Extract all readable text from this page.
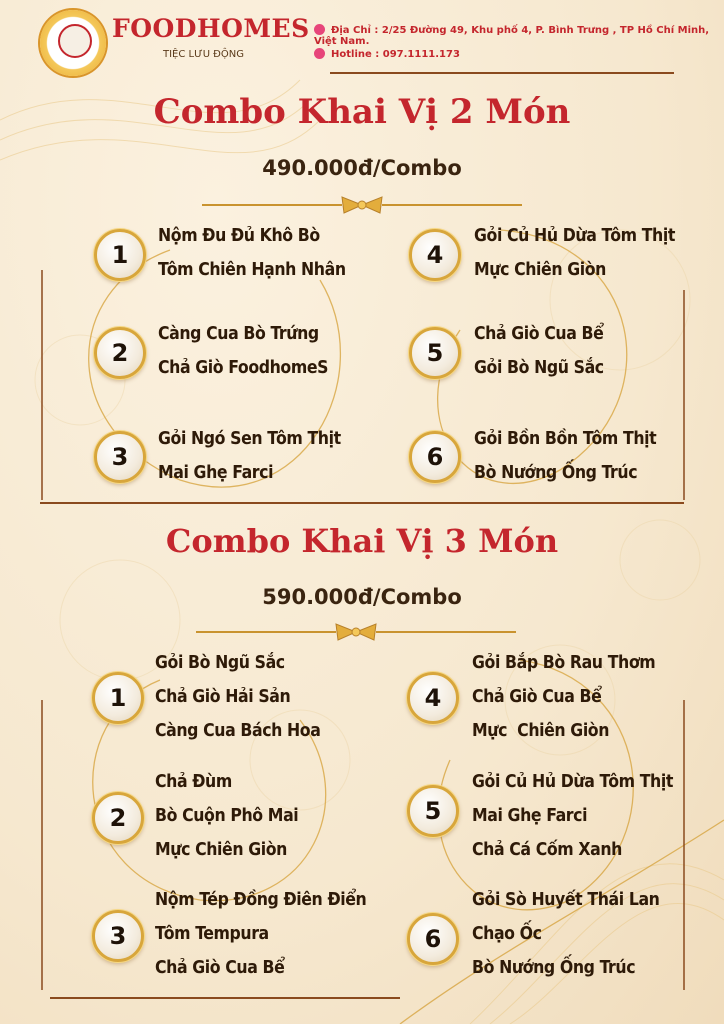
FOODHOMES
TIỆC LƯU ĐỘNG
Địa Chỉ : 2/25 Đường 49, Khu phố 4, P. Bình Trưng , TP Hồ Chí Minh, Việt Nam.
Hotline : 097.1111.173
Combo Khai Vị 2 Món
490.000đ/Combo
1
Nộm Đu Đủ Khô Bò
Tôm Chiên Hạnh Nhân
2
Càng Cua Bò Trứng
Chả Giò FoodhomeS
3
Gỏi Ngó Sen Tôm Thịt
Mai Ghẹ Farci
4
Gỏi Củ Hủ Dừa Tôm Thịt
Mực Chiên Giòn
5
Chả Giò Cua Bể
Gỏi Bò Ngũ Sắc
6
Gỏi Bồn Bồn Tôm Thịt
Bò Nướng Ống Trúc
Combo Khai Vị 3 Món
590.000đ/Combo
1
Gỏi Bò Ngũ Sắc
Chả Giò Hải Sản
Càng Cua Bách Hoa
2
Chả Đùm
Bò Cuộn Phô Mai
Mực Chiên Giòn
3
Nộm Tép Đồng Điên Điển
Tôm Tempura
Chả Giò Cua Bể
4
Gỏi Bắp Bò Rau Thơm
Chả Giò Cua Bể
Mực  Chiên Giòn
5
Gỏi Củ Hủ Dừa Tôm Thịt
Mai Ghẹ Farci
Chả Cá Cốm Xanh
6
Gỏi Sò Huyết Thái Lan
Chạo Ốc
Bò Nướng Ống Trúc
